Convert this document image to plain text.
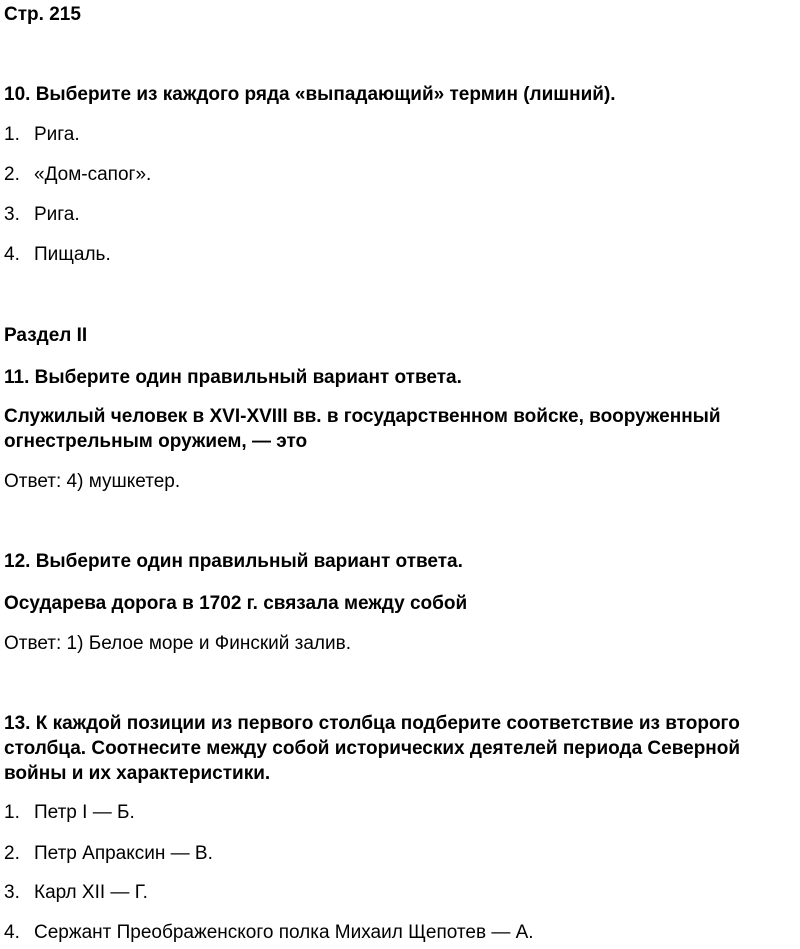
Стр. 215

10. Выберите из каждого ряда «выпадающий» термин (лишний).

1. Рига.
2. «Дом-сапог».
3. Рига.
4. Пищаль.

Раздел II

11. Выберите один правильный вариант ответа.

Служилый человек в XVI-XVIII вв. в государственном войске, вооруженный

огнестрельным оружием, — это

Ответ: 4) мушкетер.

12. Выберите один правильный вариант ответа.

Осударева дорога в 1702 г. связала между собой

Ответ: 1) Белое море и Финский залив.

13. К каждой позиции из первого столбца подберите соответствие из второго

столбца. Соотнесите между собой исторических деятелей периода Северной

войны и их характеристики.

1. Петр I — Б.
2. Петр Апраксин — В.
3. Карл XII — Г.
4. Сержант Преображенского полка Михаил Щепотев — А.
